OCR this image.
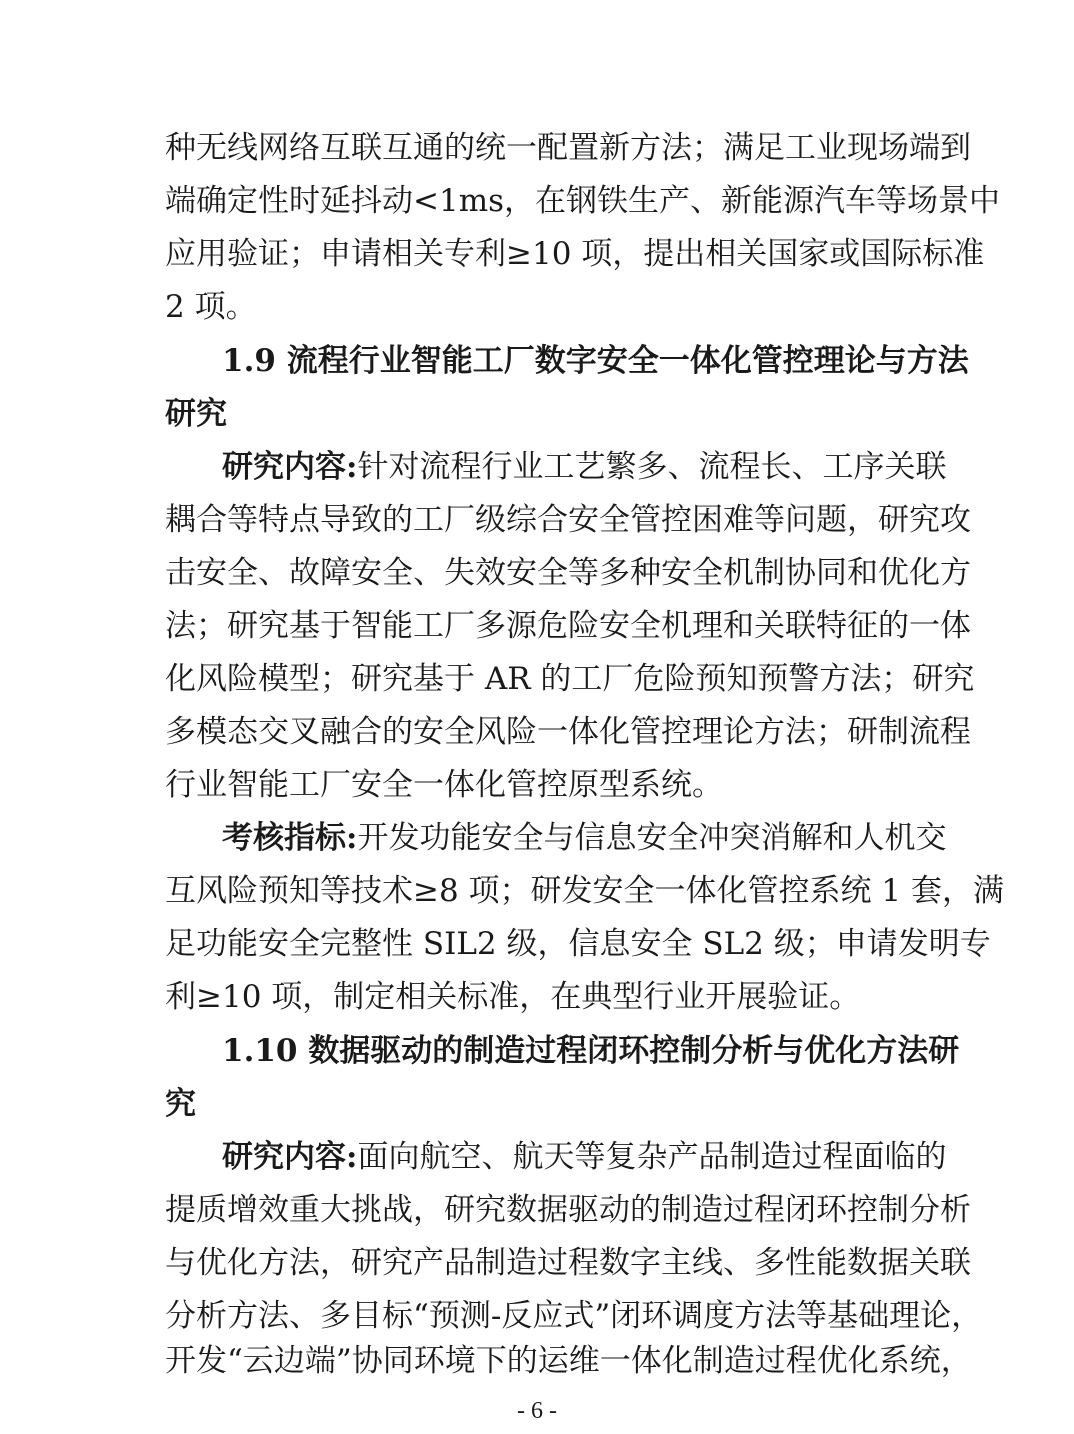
种无线网络互联互通的统一配置新方法；满足工业现场端到
端确定性时延抖动<1ms，在钢铁生产、新能源汽车等场景中
应用验证；申请相关专利≥10 项，提出相关国家或国际标准
2 项。
1.9 流程行业智能工厂数字安全一体化管控理论与方法
研究
研究内容:针对流程行业工艺繁多、流程长、工序关联
耦合等特点导致的工厂级综合安全管控困难等问题，研究攻
击安全、故障安全、失效安全等多种安全机制协同和优化方
法；研究基于智能工厂多源危险安全机理和关联特征的一体
化风险模型；研究基于 AR 的工厂危险预知预警方法；研究
多模态交叉融合的安全风险一体化管控理论方法；研制流程
行业智能工厂安全一体化管控原型系统。
考核指标:开发功能安全与信息安全冲突消解和人机交
互风险预知等技术≥8 项；研发安全一体化管控系统 1 套，满
足功能安全完整性 SIL2 级，信息安全 SL2 级；申请发明专
利≥10 项，制定相关标准，在典型行业开展验证。
1.10 数据驱动的制造过程闭环控制分析与优化方法研
究
研究内容:面向航空、航天等复杂产品制造过程面临的
提质增效重大挑战，研究数据驱动的制造过程闭环控制分析
与优化方法，研究产品制造过程数字主线、多性能数据关联
分析方法、多目标“预测-反应式”闭环调度方法等基础理论，
开发“云边端”协同环境下的运维一体化制造过程优化系统，
- 6 -
